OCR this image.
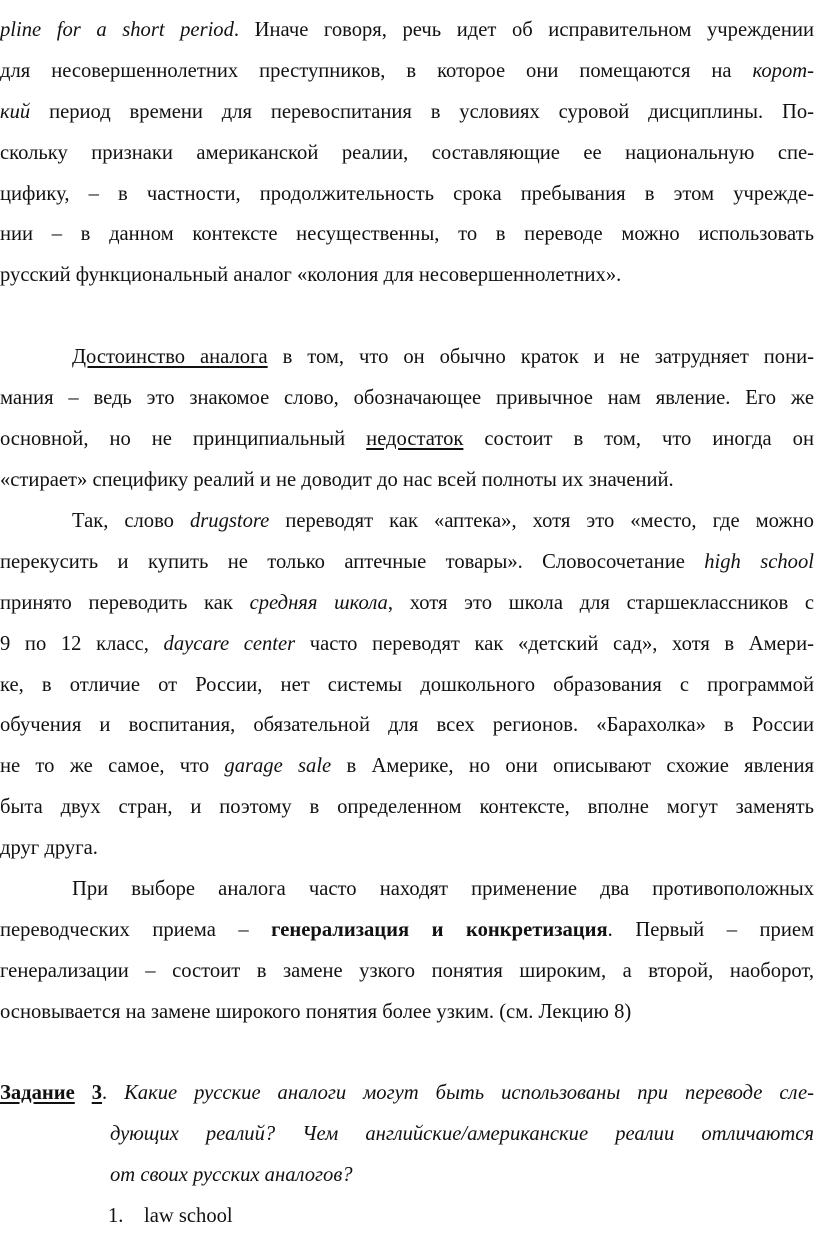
pline for a short period. Иначе говоря, речь идет об исправительном учреждении
для несовершеннолетних преступников, в которое они помещаются на корот-
кий период времени для перевоспитания в условиях суровой дисциплины. По-
скольку признаки американской реалии, составляющие ее национальную спе-
цифику, – в частности, продолжительность срока пребывания в этом учрежде-
нии – в данном контексте несущественны, то в переводе можно использовать
русский функциональный аналог «колония для несовершеннолетних».
Достоинство аналога в том, что он обычно краток и не затрудняет пони-
мания – ведь это знакомое слово, обозначающее привычное нам явление. Его же
основной, но не принципиальный недостаток состоит в том, что иногда он
«стирает» специфику реалий и не доводит до нас всей полноты их значений.
Так, слово drugstore переводят как «аптека», хотя это «место, где можно
перекусить и купить не только аптечные товары». Словосочетание high school
принято переводить как средняя школа, хотя это школа для старшеклассников с
9 по 12 класс, daycare center часто переводят как «детский сад», хотя в Амери-
ке, в отличие от России, нет системы дошкольного образования с программой
обучения и воспитания, обязательной для всех регионов. «Барахолка» в России
не то же самое, что garage sale в Америке, но они описывают схожие явления
быта двух стран, и поэтому в определенном контексте, вполне могут заменять
друг друга.
При выборе аналога часто находят применение два противоположных
переводческих приема – генерализация и конкретизация. Первый – прием
генерализации – состоит в замене узкого понятия широким, а второй, наоборот,
основывается на замене широкого понятия более узким. (см. Лекцию 8)
Задание 3. Какие русские аналоги могут быть использованы при переводе сле-
дующих реалий? Чем английские/американские реалии отличаются
от своих русских аналогов?
1. law school
